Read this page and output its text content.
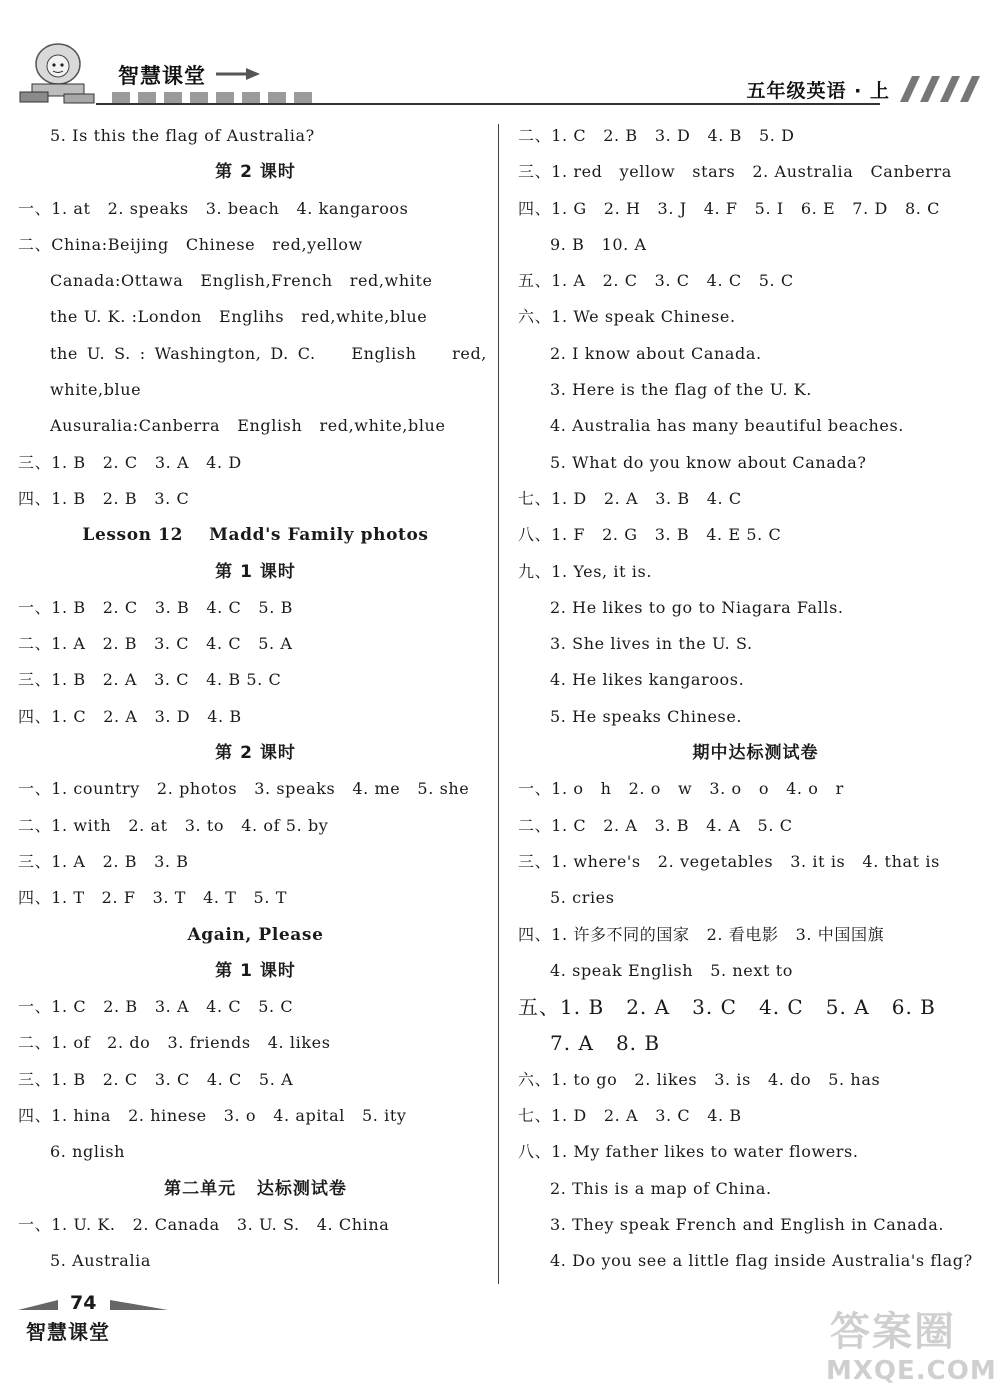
智慧课堂
五年级英语 · 上
5. Is this the flag of Australia?
第 2 课时
一、1. at   2. speaks   3. beach   4. kangaroos
二、China:Beijing   Chinese   red,yellow
Canada:Ottawa   English,French   red,white
the U. K. :London   Englihs   red,white,blue
the U. S. : Washington, D. C.    English    red,
white,blue
Ausuralia:Canberra   English   red,white,blue
三、1. B   2. C   3. A   4. D
四、1. B   2. B   3. C
Lesson 12    Madd's Family photos
第 1 课时
一、1. B   2. C   3. B   4. C   5. B
二、1. A   2. B   3. C   4. C   5. A
三、1. B   2. A   3. C   4. B 5. C
四、1. C   2. A   3. D   4. B
第 2 课时
一、1. country   2. photos   3. speaks   4. me   5. she
二、1. with   2. at   3. to   4. of 5. by
三、1. A   2. B   3. B
四、1. T   2. F   3. T   4. T   5. T
Again, Please
第 1 课时
一、1. C   2. B   3. A   4. C   5. C
二、1. of   2. do   3. friends   4. likes
三、1. B   2. C   3. C   4. C   5. A
四、1. hina   2. hinese   3. o   4. apital   5. ity
6. nglish
第二单元   达标测试卷
一、1. U. K.   2. Canada   3. U. S.   4. China
5. Australia
二、1. C   2. B   3. D   4. B   5. D
三、1. red   yellow   stars   2. Australia   Canberra
四、1. G   2. H   3. J   4. F   5. I   6. E   7. D   8. C
9. B   10. A
五、1. A   2. C   3. C   4. C   5. C
六、1. We speak Chinese.
2. I know about Canada.
3. Here is the flag of the U. K.
4. Australia has many beautiful beaches.
5. What do you know about Canada?
七、1. D   2. A   3. B   4. C
八、1. F   2. G   3. B   4. E 5. C
九、1. Yes, it is.
2. He likes to go to Niagara Falls.
3. She lives in the U. S.
4. He likes kangaroos.
5. He speaks Chinese.
期中达标测试卷
一、1. o   h   2. o   w   3. o   o   4. o   r
二、1. C   2. A   3. B   4. A   5. C
三、1. where's   2. vegetables   3. it is   4. that is
5. cries
四、1. 许多不同的国家   2. 看电影   3. 中国国旗
4. speak English   5. next to
五、1. B   2. A   3. C   4. C   5. A   6. B
7. A   8. B
六、1. to go   2. likes   3. is   4. do   5. has
七、1. D   2. A   3. C   4. B
八、1. My father likes to water flowers.
2. This is a map of China.
3. They speak French and English in Canada.
4. Do you see a little flag inside Australia's flag?
74
智慧课堂	答案圈
MXQE.COM
